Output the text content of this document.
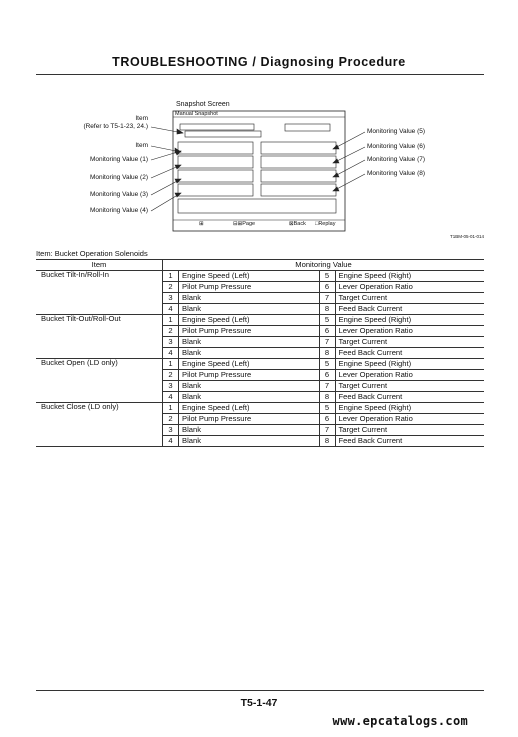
TROUBLESHOOTING / Diagnosing Procedure
Snapshot Screen
Manual Snapshot
Item
(Refer to T5-1-23, 24.)
Item
Monitoring Value (1)
Monitoring Value (2)
Monitoring Value (3)
Monitoring Value (4)
Monitoring Value (5)
Monitoring Value (6)
Monitoring Value (7)
Monitoring Value (8)
⊞	⊟⊞Page	⊠Back □Replay
T1BM-05-01-014
Item: Bucket Operation Solenoids
Item	Monitoring Value			
Bucket Tilt-In/Roll-In	1	Engine Speed (Left)	5	Engine Speed (Right)
	2	Pilot Pump Pressure	6	Lever Operation Ratio
	3	Blank	7	Target Current
	4	Blank	8	Feed Back Current
Bucket Tilt-Out/Roll-Out	1	Engine Speed (Left)	5	Engine Speed (Right)
	2	Pilot Pump Pressure	6	Lever Operation Ratio
	3	Blank	7	Target Current
	4	Blank	8	Feed Back Current
Bucket Open (LD only)	1	Engine Speed (Left)	5	Engine Speed (Right)
	2	Pilot Pump Pressure	6	Lever Operation Ratio
	3	Blank	7	Target Current
	4	Blank	8	Feed Back Current
Bucket Close (LD only)	1	Engine Speed (Left)	5	Engine Speed (Right)
	2	Pilot Pump Pressure	6	Lever Operation Ratio
	3	Blank	7	Target Current
	4	Blank	8	Feed Back Current
T5-1-47
www.epcatalogs.com
